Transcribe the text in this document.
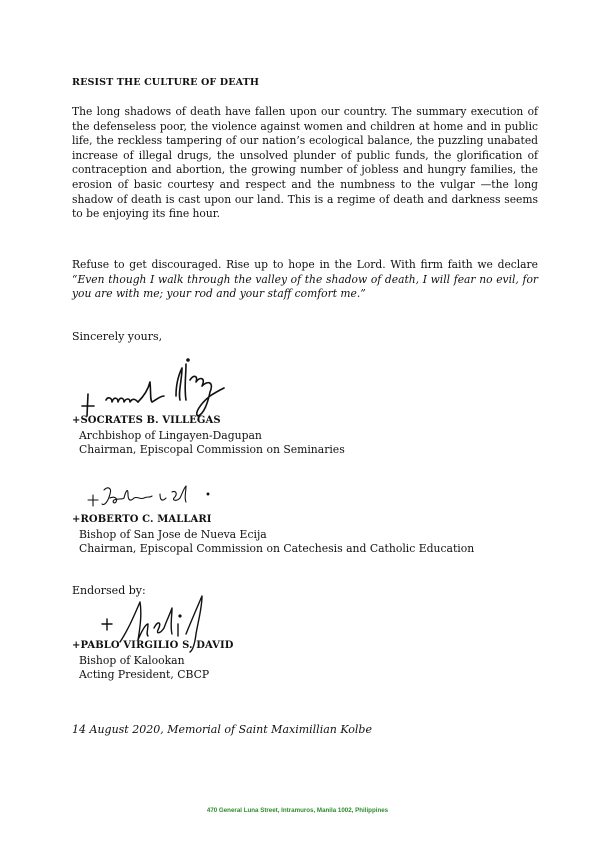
RESIST THE CULTURE OF DEATH

The long shadows of death have fallen upon our country. The summary execution of the defenseless poor, the violence against women and children at home and in public life, the reckless tampering of our nation’s ecological balance, the puzzling unabated increase of illegal drugs, the unsolved plunder of public funds, the glorification of contraception and abortion, the growing number of jobless and hungry families, the erosion of basic courtesy and respect and the numbness to the vulgar —the long shadow of death is cast upon our land. This is a regime of death and darkness seems to be enjoying its fine hour.

Refuse to get discouraged. Rise up to hope in the Lord. With firm faith we declare “Even though I walk through the valley of the shadow of death, I will fear no evil, for you are with me; your rod and your staff comfort me.”

Sincerely yours,
+SOCRATES B. VILLEGAS
Archbishop of Lingayen-Dagupan
Chairman, Episcopal Commission on Seminaries
+ROBERTO C. MALLARI
Bishop of San Jose de Nueva Ecija
Chairman, Episcopal Commission on Catechesis and Catholic Education
Endorsed by:
+PABLO VIRGILIO S. DAVID
Bishop of Kalookan
Acting President, CBCP
14 August 2020, Memorial of Saint Maximillian Kolbe
470 General Luna Street, Intramuros, Manila 1002, Philippines
